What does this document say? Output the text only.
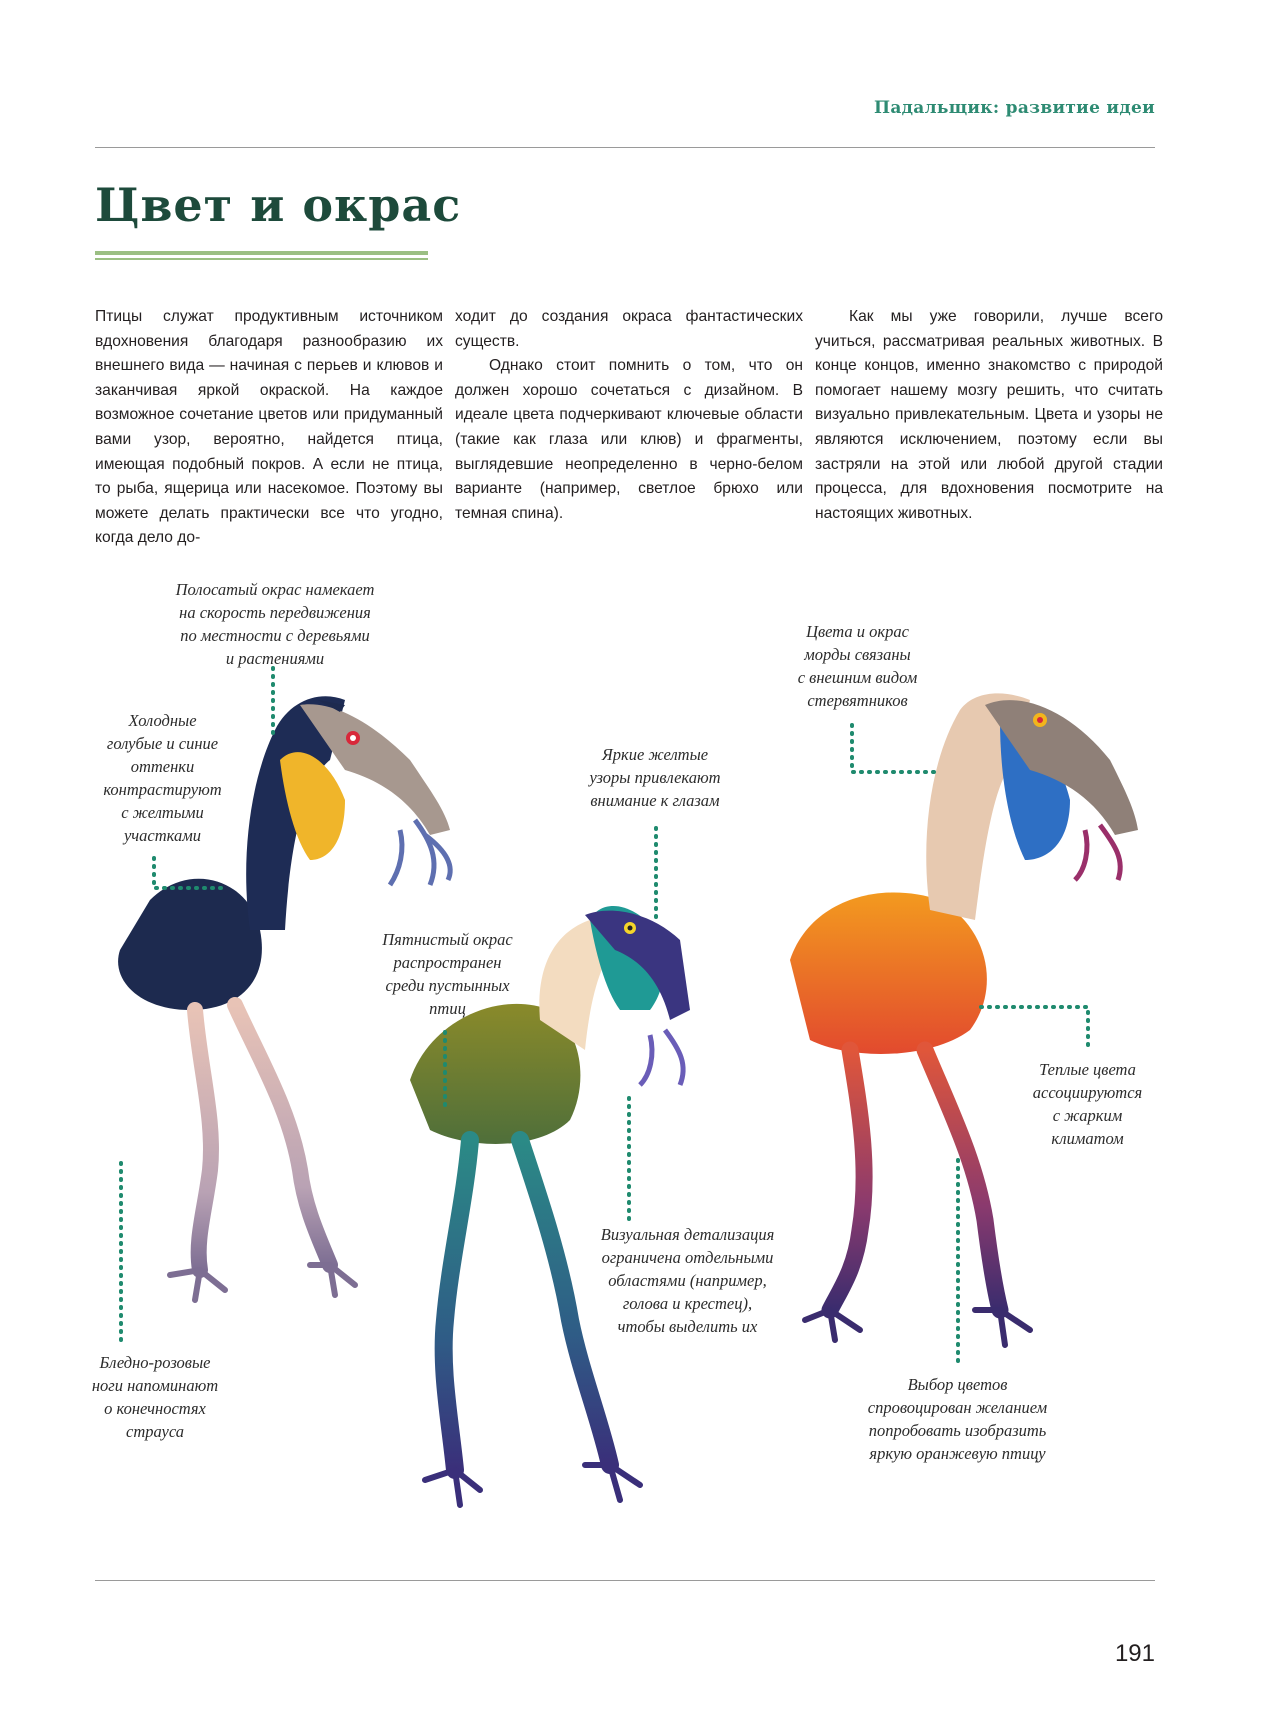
Падальщик: развитие идеи
Цвет и окрас

Птицы служат продуктивным источником вдохновения благодаря разнообразию их внешнего вида — начиная с перьев и клювов и заканчивая яркой окраской. На каждое возможное сочетание цветов или придуманный вами узор, вероятно, найдется птица, имеющая подобный покров. А если не птица, то рыба, ящерица или насекомое. Поэтому вы можете делать практически все что угодно, когда дело до-

ходит до создания окраса фантастических существ.

Однако стоит помнить о том, что он должен хорошо сочетаться с дизайном. В идеале цвета подчеркивают ключевые области (такие как глаза или клюв) и фрагменты, выглядевшие неопределенно в черно-белом варианте (например, светлое брюхо или темная спина).

Как мы уже говорили, лучше всего учиться, рассматривая реальных животных. В конце концов, именно знакомство с природой помогает нашему мозгу решить, что считать визуально привлекательным. Цвета и узоры не являются исключением, поэтому если вы застряли на этой или любой другой стадии процесса, для вдохновения посмотрите на настоящих животных.

Полосатый окрас намекает
на скорость передвижения
по местности с деревьями
и растениями
Холодные
голубые и синие
оттенки
контрастируют
с желтыми
участками
Бледно-розовые
ноги напоминают
о конечностях
страуса
Пятнистый окрас
распространен
среди пустынных
птиц
Яркие желтые
узоры привлекают
внимание к глазам
Визуальная детализация
ограничена отдельными
областями (например,
голова и крестец),
чтобы выделить их
Цвета и окрас
морды связаны
с внешним видом
стервятников
Теплые цвета
ассоциируются
с жарким
климатом
Выбор цветов
спровоцирован желанием
попробовать изобразить
яркую оранжевую птицу
191
